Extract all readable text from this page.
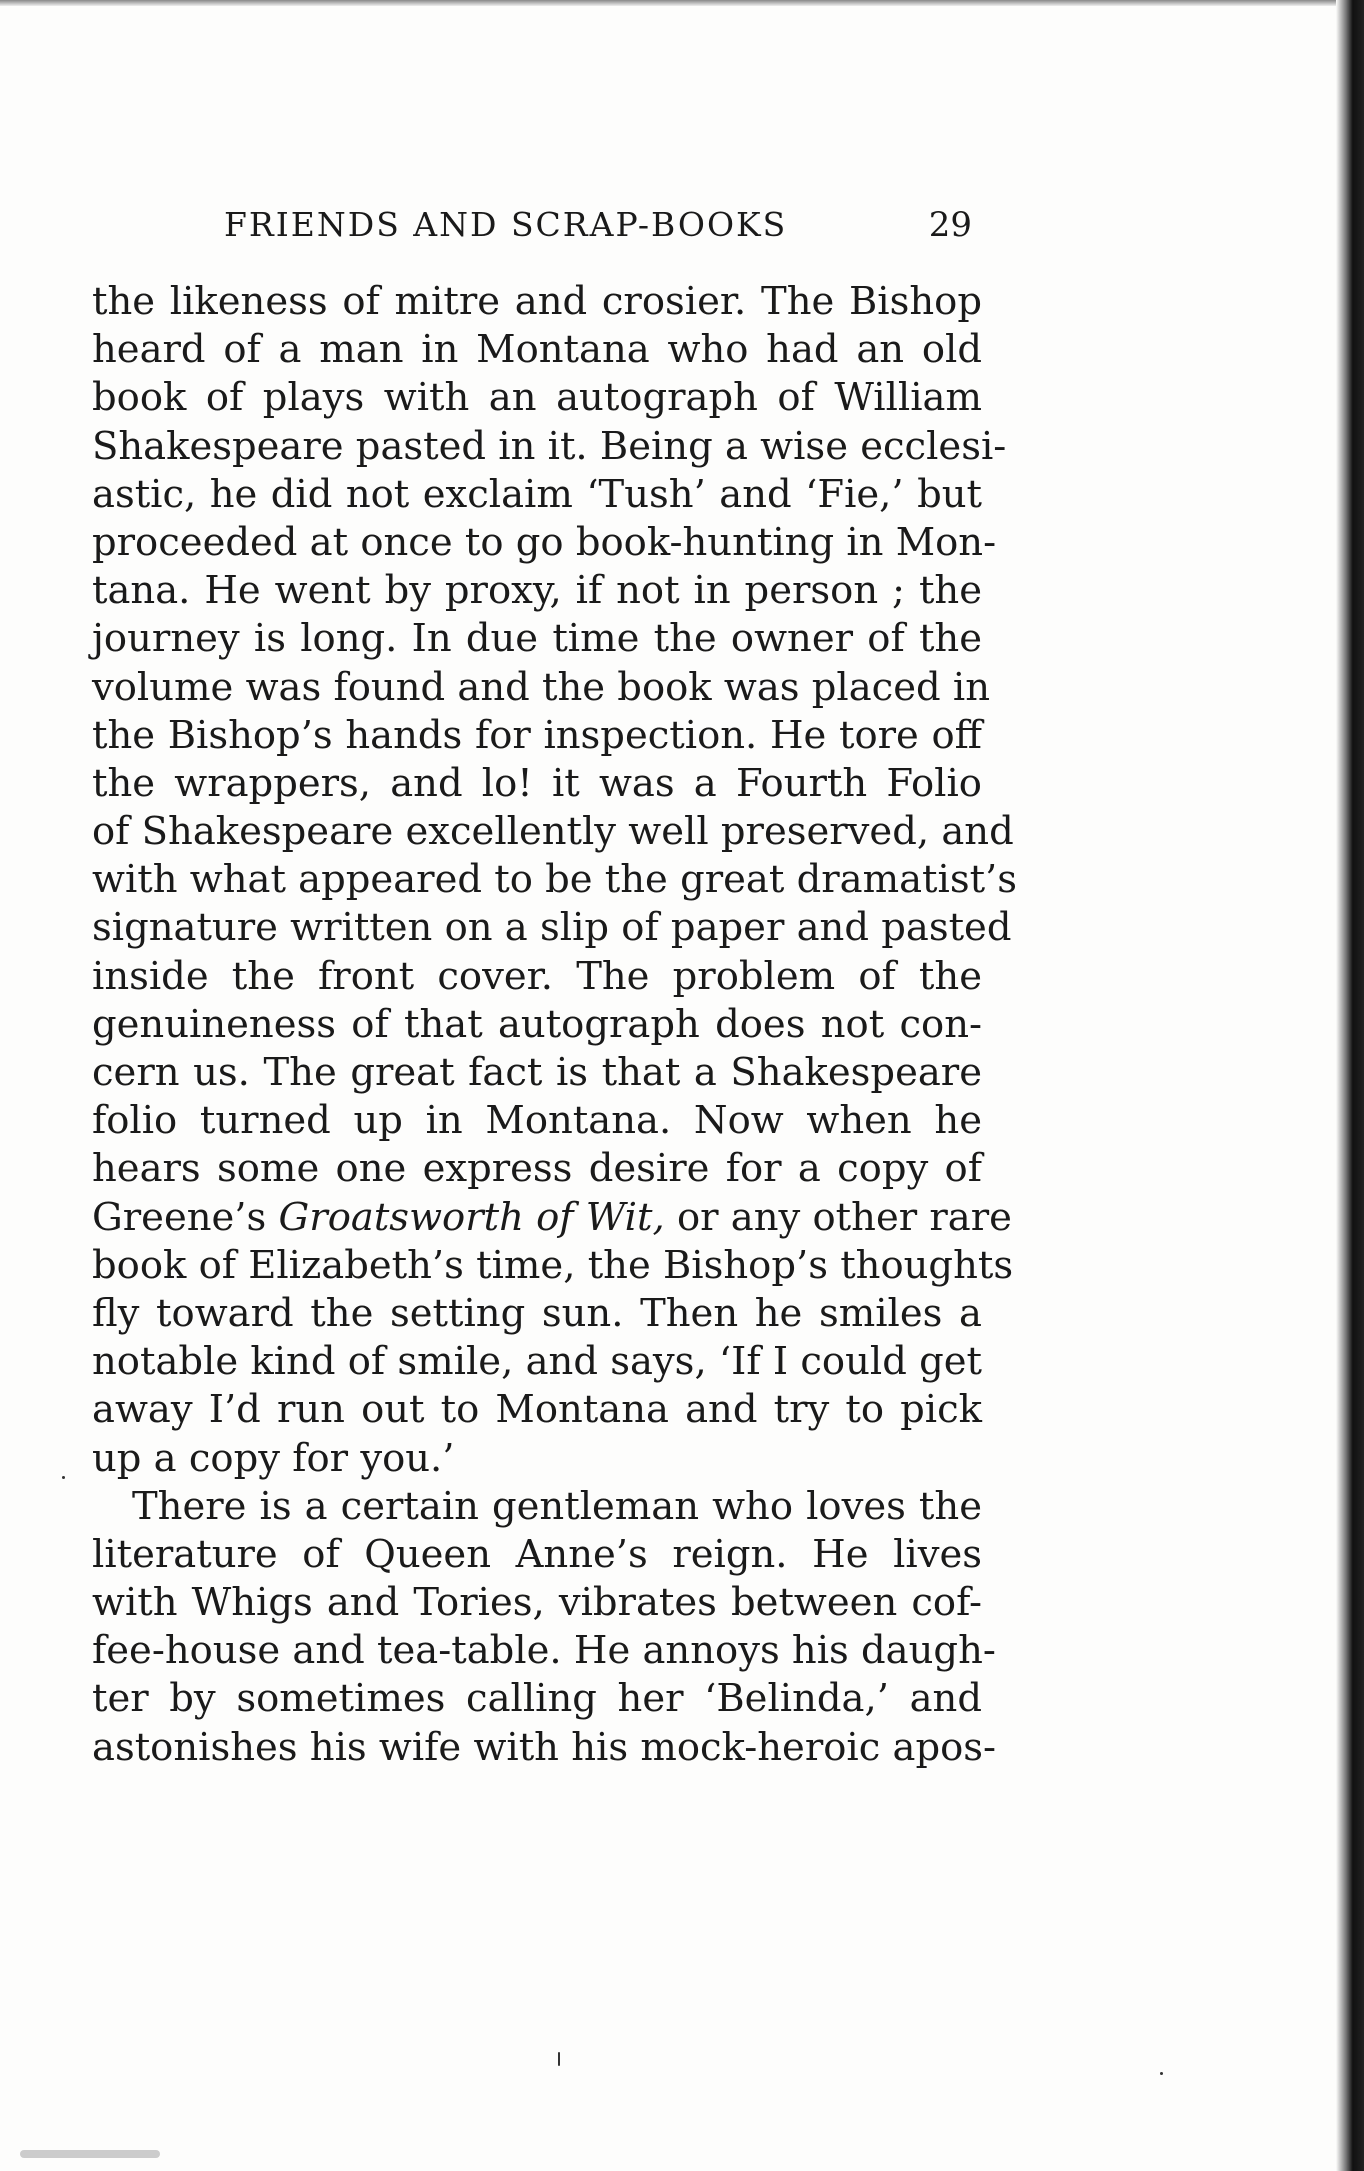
FRIENDS AND SCRAP-BOOKS	29
the likeness of mitre and crosier. The Bishop
heard of a man in Montana who had an old
book of plays with an autograph of William
Shakespeare pasted in it. Being a wise ecclesi-
astic, he did not exclaim ‘Tush’ and ‘Fie,’ but
proceeded at once to go book-hunting in Mon-
tana. He went by proxy, if not in person ; the
journey is long. In due time the owner of the
volume was found and the book was placed in
the Bishop’s hands for inspection. He tore off
the wrappers, and lo! it was a Fourth Folio
of Shakespeare excellently well preserved, and
with what appeared to be the great dramatist’s
signature written on a slip of paper and pasted
inside the front cover. The problem of the
genuineness of that autograph does not con-
cern us. The great fact is that a Shakespeare
folio turned up in Montana. Now when he
hears some one express desire for a copy of
Greene’s Groatsworth of Wit, or any other rare
book of Elizabeth’s time, the Bishop’s thoughts
fly toward the setting sun. Then he smiles a
notable kind of smile, and says, ‘If I could get
away I’d run out to Montana and try to pick
up a copy for you.’
There is a certain gentleman who loves the
literature of Queen Anne’s reign. He lives
with Whigs and Tories, vibrates between cof-
fee-house and tea-table. He annoys his daugh-
ter by sometimes calling her ‘Belinda,’ and
astonishes his wife with his mock-heroic apos-
